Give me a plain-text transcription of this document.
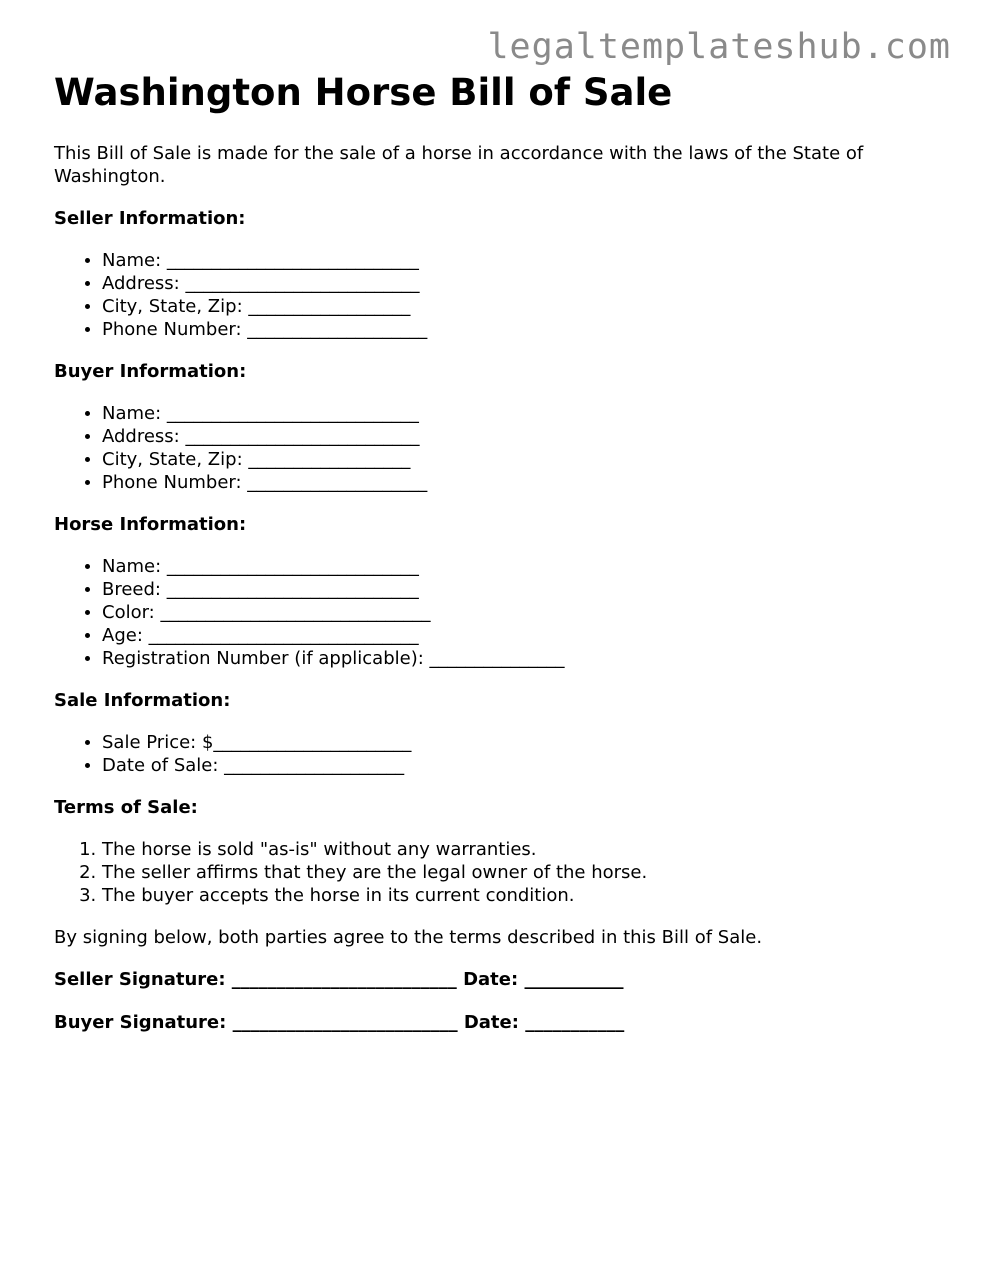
legaltemplateshub.com
Washington Horse Bill of Sale

This Bill of Sale is made for the sale of a horse in accordance with the laws of the State of Washington.

Seller Information:
• Name: ____________________________
• Address: __________________________
• City, State, Zip: __________________
• Phone Number: ____________________
Buyer Information:
• Name: ____________________________
• Address: __________________________
• City, State, Zip: __________________
• Phone Number: ____________________
Horse Information:
• Name: ____________________________
• Breed: ____________________________
• Color: ______________________________
• Age: ______________________________
• Registration Number (if applicable): _______________
Sale Information:
• Sale Price: $______________________
• Date of Sale: ____________________
Terms of Sale:
1. The horse is sold "as-is" without any warranties.
2. The seller affirms that they are the legal owner of the horse.
3. The buyer accepts the horse in its current condition.

By signing below, both parties agree to the terms described in this Bill of Sale.

Seller Signature: _________________________ Date: ___________
Buyer Signature: _________________________ Date: ___________
